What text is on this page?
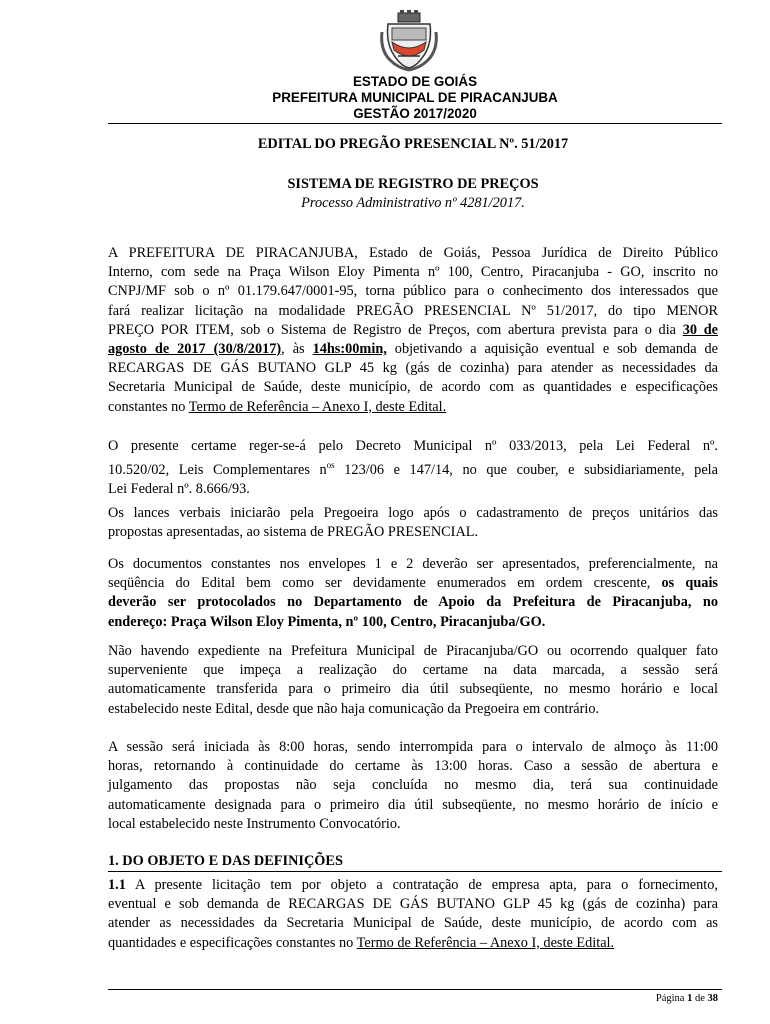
ESTADO DE GOIÁS
PREFEITURA MUNICIPAL DE PIRACANJUBA
GESTÃO 2017/2020
EDITAL DO PREGÃO PRESENCIAL Nº. 51/2017
SISTEMA DE REGISTRO DE PREÇOS
Processo Administrativo nº 4281/2017.
A PREFEITURA DE PIRACANJUBA, Estado de Goiás, Pessoa Jurídica de Direito Público
Interno, com sede na Praça Wilson Eloy Pimenta nº 100, Centro, Piracanjuba - GO, inscrito no
CNPJ/MF sob o nº 01.179.647/0001-95, torna público para o conhecimento dos interessados que
fará realizar licitação na modalidade PREGÃO PRESENCIAL Nº 51/2017, do tipo MENOR
PREÇO POR ITEM, sob o Sistema de Registro de Preços, com abertura prevista para o dia 30 de
agosto de 2017 (30/8/2017), às 14hs:00min, objetivando a aquisição eventual e sob demanda de
RECARGAS DE GÁS BUTANO GLP 45 kg (gás de cozinha) para atender as necessidades da
Secretaria Municipal de Saúde, deste município, de acordo com as quantidades e especificações
constantes no Termo de Referência – Anexo I, deste Edital.
O presente certame reger-se-á pelo Decreto Municipal nº 033/2013, pela Lei Federal nº.
10.520/02, Leis Complementares $n^{os}$ 123/06 e 147/14, no que couber, e subsidiariamente, pela
Lei Federal nº. 8.666/93.
Os lances verbais iniciarão pela Pregoeira logo após o cadastramento de preços unitários das
propostas apresentadas, ao sistema de PREGÃO PRESENCIAL.
Os documentos constantes nos envelopes 1 e 2 deverão ser apresentados, preferencialmente, na
seqüência do Edital bem como ser devidamente enumerados em ordem crescente, os quais
deverão ser protocolados no Departamento de Apoio da Prefeitura de Piracanjuba, no
endereço: Praça Wilson Eloy Pimenta, nº 100, Centro, Piracanjuba/GO.
Não havendo expediente na Prefeitura Municipal de Piracanjuba/GO ou ocorrendo qualquer fato
superveniente que impeça a realização do certame na data marcada, a sessão será
automaticamente transferida para o primeiro dia útil subseqüente, no mesmo horário e local
estabelecido neste Edital, desde que não haja comunicação da Pregoeira em contrário.
A sessão será iniciada às 8:00 horas, sendo interrompida para o intervalo de almoço às 11:00
horas, retornando à continuidade do certame às 13:00 horas. Caso a sessão de abertura e
julgamento das propostas não seja concluída no mesmo dia, terá sua continuidade
automaticamente designada para o primeiro dia útil subseqüente, no mesmo horário de início e
local estabelecido neste Instrumento Convocatório.
1. DO OBJETO E DAS DEFINIÇÕES
1.1 A presente licitação tem por objeto a contratação de empresa apta, para o fornecimento,
eventual e sob demanda de RECARGAS DE GÁS BUTANO GLP 45 kg (gás de cozinha) para
atender as necessidades da Secretaria Municipal de Saúde, deste município, de acordo com as
quantidades e especificações constantes no Termo de Referência – Anexo I, deste Edital.
Página 1 de 38
